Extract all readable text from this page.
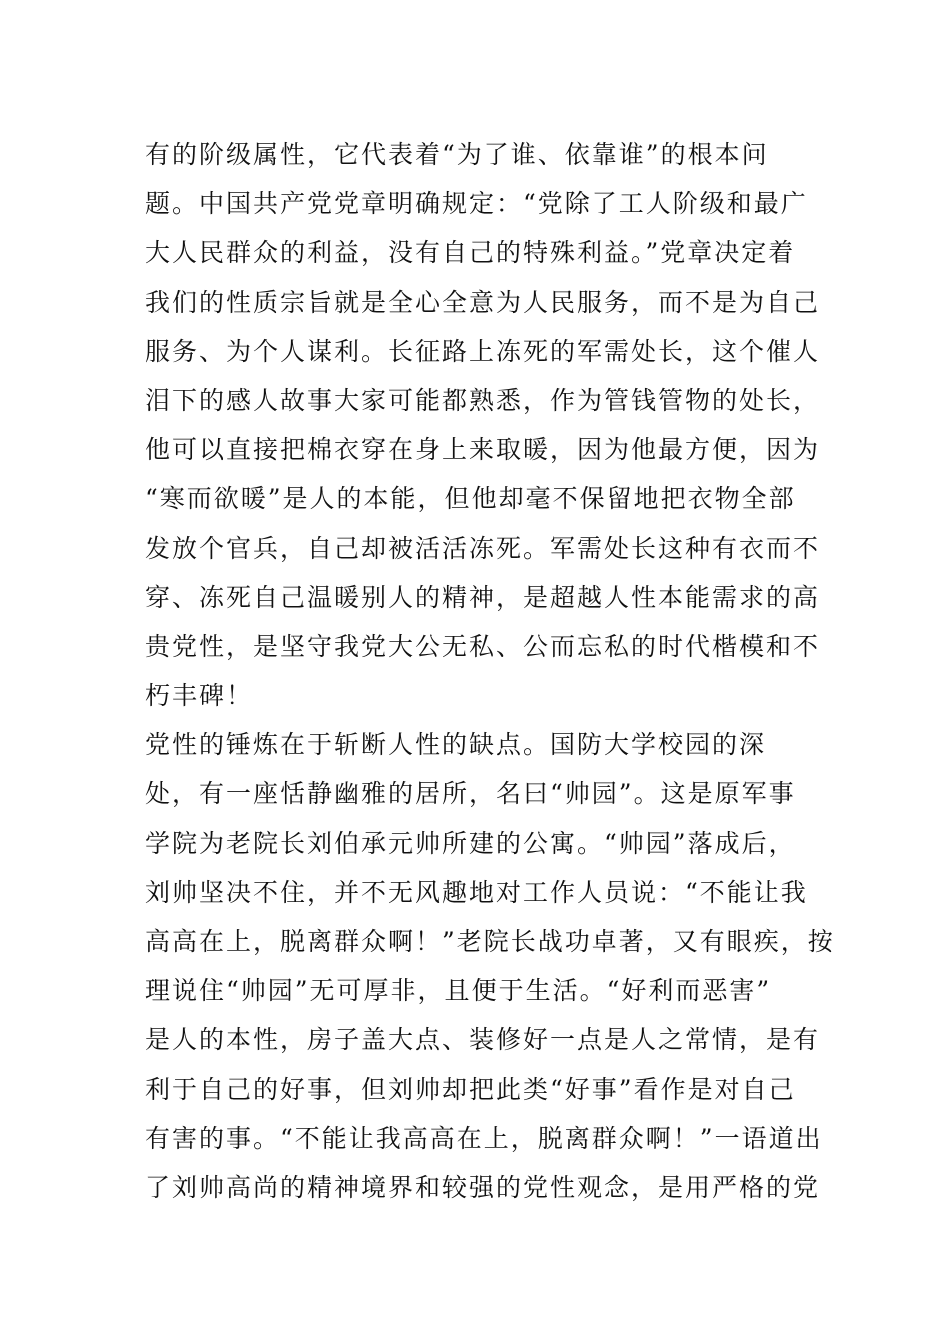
有的阶级属性，它代表着“为了谁、依靠谁”的根本问
题。中国共产党党章明确规定：“党除了工人阶级和最广
大人民群众的利益，没有自己的特殊利益。”党章决定着
我们的性质宗旨就是全心全意为人民服务，而不是为自己
服务、为个人谋利。长征路上冻死的军需处长，这个催人
泪下的感人故事大家可能都熟悉，作为管钱管物的处长，
他可以直接把棉衣穿在身上来取暖，因为他最方便，因为
“寒而欲暖”是人的本能，但他却毫不保留地把衣物全部
发放个官兵，自己却被活活冻死。军需处长这种有衣而不
穿、冻死自己温暖别人的精神，是超越人性本能需求的高
贵党性，是坚守我党大公无私、公而忘私的时代楷模和不
朽丰碑！
党性的锤炼在于斩断人性的缺点。国防大学校园的深
处，有一座恬静幽雅的居所，名曰“帅园”。这是原军事
学院为老院长刘伯承元帅所建的公寓。“帅园”落成后，
刘帅坚决不住，并不无风趣地对工作人员说：“不能让我
高高在上，脱离群众啊！”老院长战功卓著，又有眼疾，按
理说住“帅园”无可厚非，且便于生活。“好利而恶害”
是人的本性，房子盖大点、装修好一点是人之常情，是有
利于自己的好事，但刘帅却把此类“好事”看作是对自己
有害的事。“不能让我高高在上，脱离群众啊！”一语道出
了刘帅高尚的精神境界和较强的党性观念，是用严格的党
